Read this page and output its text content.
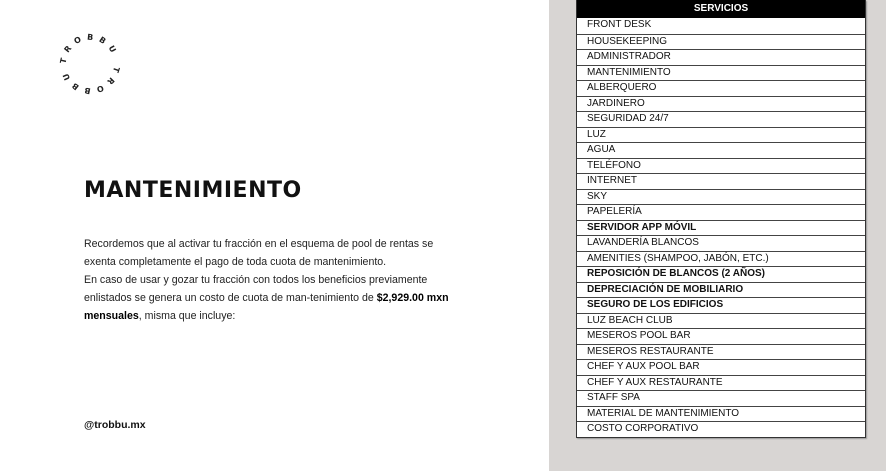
TROBBU TROBBU
MANTENIMIENTO
Recordemos que al activar tu fracción en el esquema de pool de rentas se exenta completamente el pago de toda cuota de mantenimiento.
En caso de usar y gozar tu fracción con todos los beneficios previamente enlistados se genera un costo de cuota de man-tenimiento de $2,929.00 mxn mensuales, misma que incluye:
@trobbu.mx
SERVICIOS
FRONT DESK
HOUSEKEEPING
ADMINISTRADOR
MANTENIMIENTO
ALBERQUERO
JARDINERO
SEGURIDAD 24/7
LUZ
AGUA
TELÉFONO
INTERNET
SKY
PAPELERÍA
SERVIDOR APP MÓVIL
LAVANDERÍA BLANCOS
AMENITIES (SHAMPOO, JABÓN, ETC.)
REPOSICIÓN DE BLANCOS (2 AÑOS)
DEPRECIACIÓN DE MOBILIARIO
SEGURO DE LOS EDIFICIOS
LUZ BEACH CLUB
MESEROS POOL BAR
MESEROS RESTAURANTE
CHEF Y AUX POOL BAR
CHEF Y AUX RESTAURANTE
STAFF SPA
MATERIAL DE MANTENIMIENTO
COSTO CORPORATIVO
